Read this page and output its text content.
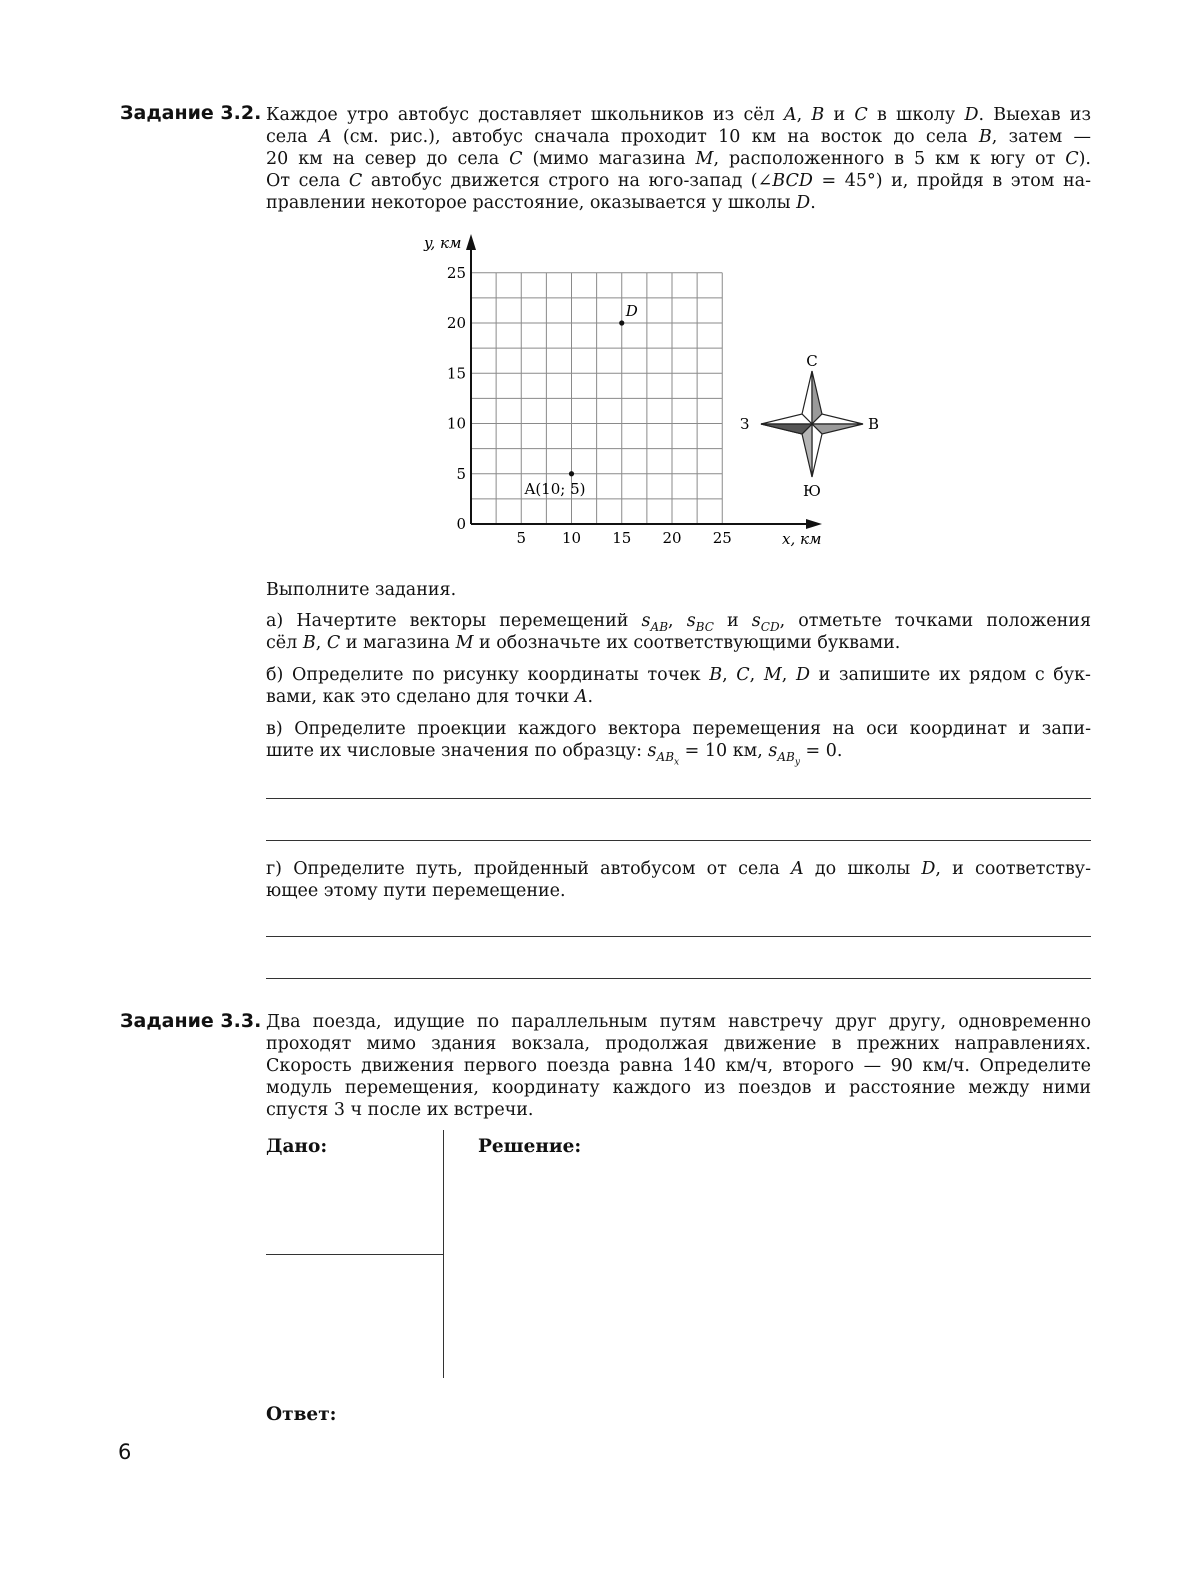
Задание 3.2. Каждое утро автобус доставляет школьников из сёл A, B и C в школу D. Выехав из
села A (см. рис.), автобус сначала проходит 10 км на восток до села B, затем —
20 км на север до села C (мимо магазина M, расположенного в 5 км к югу от C).
От села C автобус движется строго на юго-запад (∠BCD = 45°) и, пройдя в этом на-
правлении некоторое расстояние, оказывается у школы D.
y, км
x, км
25
20
15
10
5
0
5 10 15 20 25
A(10; 5)
D
С
Ю
В
З
Выполните задания.
а) Начертите векторы перемещений $s_{AB}$, $s_{BC}$ и $s_{CD}$, отметьте точками положения
сёл B, C и магазина M и обозначьте их соответствующими буквами.
б) Определите по рисунку координаты точек B, C, M, D и запишите их рядом с бук-
вами, как это сделано для точки A.
в) Определите проекции каждого вектора перемещения на оси координат и запи-
шите их числовые значения по образцу: $s_{AB_x} = 10$ км, $s_{AB_y} = 0$.
г) Определите путь, пройденный автобусом от села A до школы D, и соответству-
ющее этому пути перемещение.
Задание 3.3. Два поезда, идущие по параллельным путям навстречу друг другу, одновременно
проходят мимо здания вокзала, продолжая движение в прежних направлениях.
Скорость движения первого поезда равна 140 км/ч, второго — 90 км/ч. Определите
модуль перемещения, координату каждого из поездов и расстояние между ними
спустя 3 ч после их встречи.
Дано:	Решение:
Ответ:
6
